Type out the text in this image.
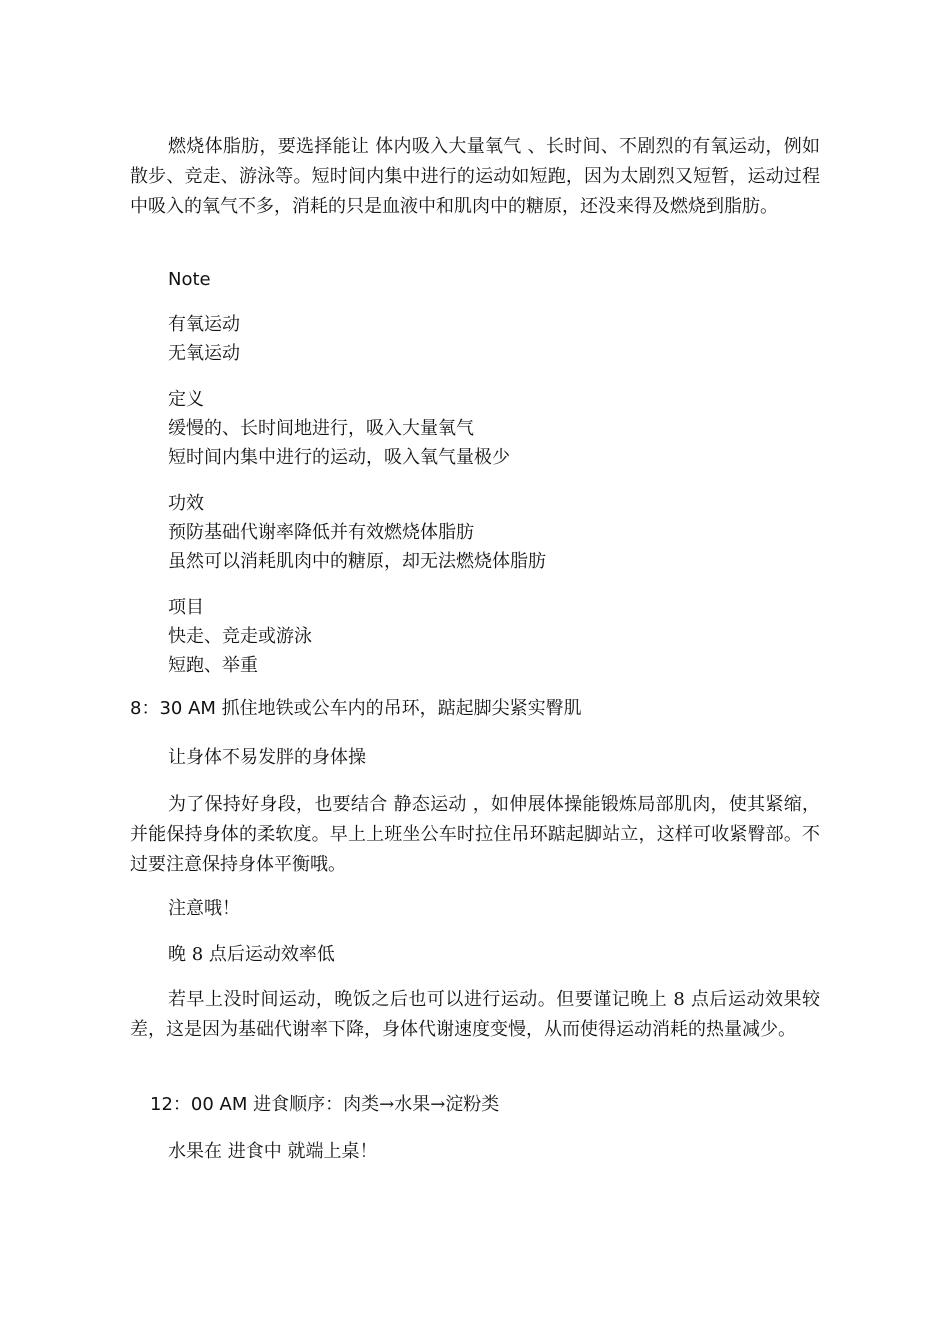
燃烧体脂肪，要选择能让 体内吸入大量氧气 、长时间、不剧烈的有氧运动，例如散步、竞走、游泳等。短时间内集中进行的运动如短跑，因为太剧烈又短暂，运动过程中吸入的氧气不多，消耗的只是血液中和肌肉中的糖原，还没来得及燃烧到脂肪。

Note

有氧运动

无氧运动

定义

缓慢的、长时间地进行，吸入大量氧气

短时间内集中进行的运动，吸入氧气量极少

功效

预防基础代谢率降低并有效燃烧体脂肪

虽然可以消耗肌肉中的糖原，却无法燃烧体脂肪

项目

快走、竞走或游泳

短跑、举重

8：30 AM 抓住地铁或公车内的吊环，踮起脚尖紧实臀肌

让身体不易发胖的身体操

为了保持好身段，也要结合 静态运动 ，如伸展体操能锻炼局部肌肉，使其紧缩，并能保持身体的柔软度。早上上班坐公车时拉住吊环踮起脚站立，这样可收紧臀部。不过要注意保持身体平衡哦。

注意哦！

晚 8 点后运动效率低

若早上没时间运动，晚饭之后也可以进行运动。但要谨记晚上 8 点后运动效果较差，这是因为基础代谢率下降，身体代谢速度变慢，从而使得运动消耗的热量减少。

12：00 AM 进食顺序：肉类→水果→淀粉类

水果在 进食中 就端上桌！
